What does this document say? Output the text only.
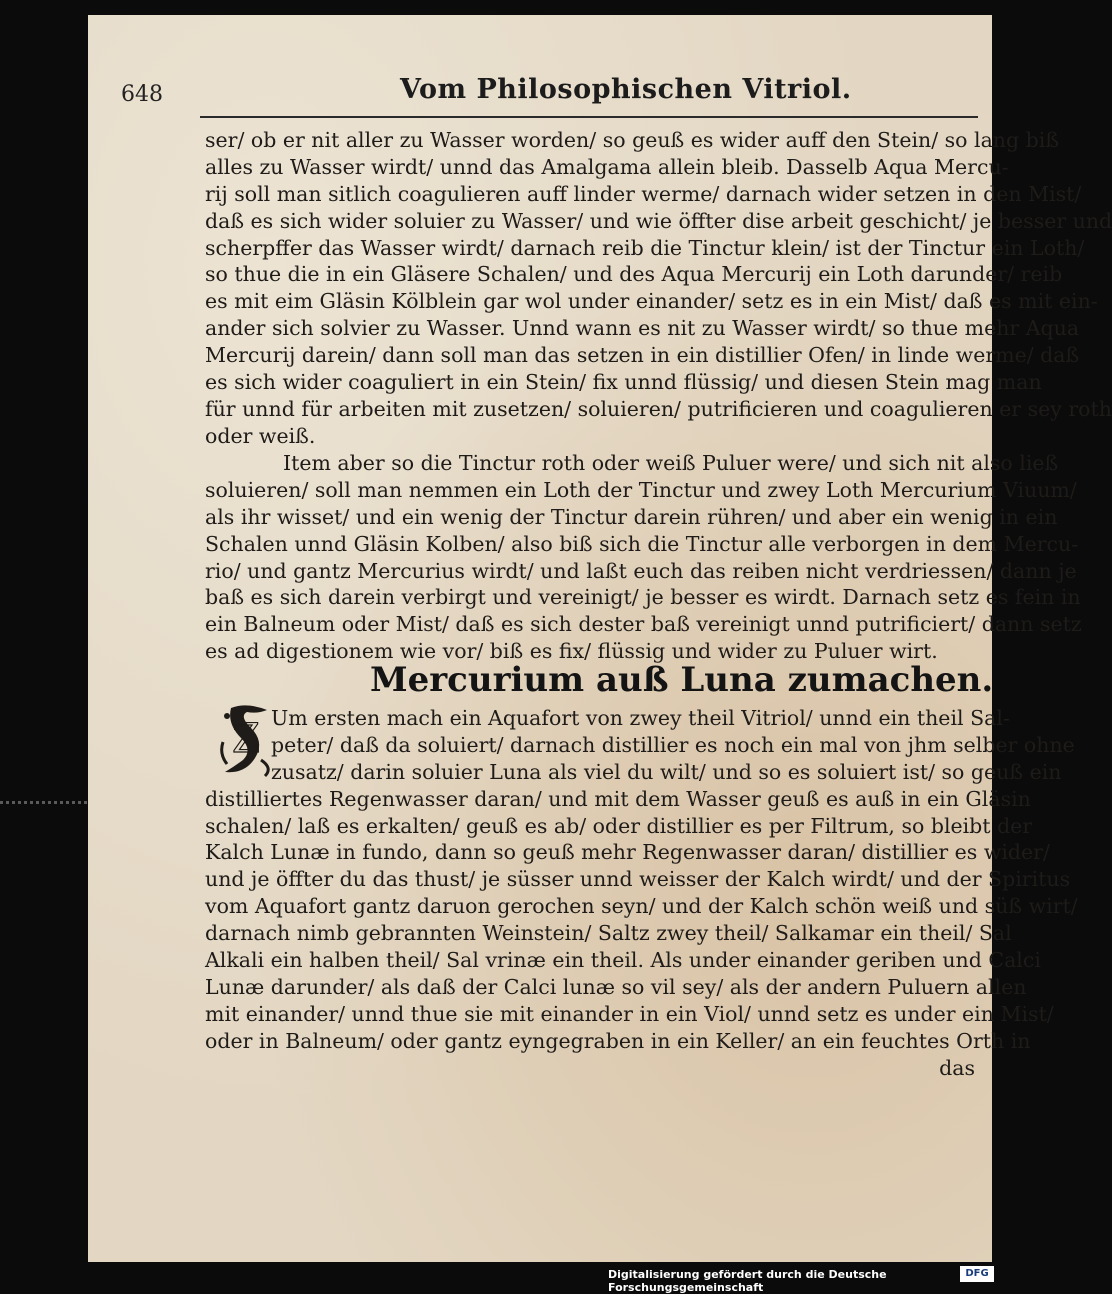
648	Vom Philosophischen Vitriol.
ser/ ob er nit aller zu Wasser worden/ so geuß es wider auff den Stein/ so lang biß
alles zu Wasser wirdt/ unnd das Amalgama allein bleib. Dasselb Aqua Mercu-
rij soll man sitlich coagulieren auff linder werme/ darnach wider setzen in den Mist/
daß es sich wider soluier zu Wasser/ und wie öffter dise arbeit geschicht/ je besser und
scherpffer das Wasser wirdt/ darnach reib die Tinctur klein/ ist der Tinctur ein Loth/
so thue die in ein Gläsere Schalen/ und des Aqua Mercurij ein Loth darunder/ reib
es mit eim Gläsin Kölblein gar wol under einander/ setz es in ein Mist/ daß es mit ein-
ander sich solvier zu Wasser. Unnd wann es nit zu Wasser wirdt/ so thue mehr Aqua
Mercurij darein/ dann soll man das setzen in ein distillier Ofen/ in linde werme/ daß
es sich wider coaguliert in ein Stein/ fix unnd flüssig/ und diesen Stein mag man
für unnd für arbeiten mit zusetzen/ soluieren/ putrificieren und coagulieren er sey roth
oder weiß.
Item aber so die Tinctur roth oder weiß Puluer were/ und sich nit also ließ
soluieren/ soll man nemmen ein Loth der Tinctur und zwey Loth Mercurium Viuum/
als ihr wisset/ und ein wenig der Tinctur darein rühren/ und aber ein wenig in ein
Schalen unnd Gläsin Kolben/ also biß sich die Tinctur alle verborgen in dem Mercu-
rio/ und gantz Mercurius wirdt/ und laßt euch das reiben nicht verdriessen/ dann je
baß es sich darein verbirgt und vereinigt/ je besser es wirdt. Darnach setz es fein in
ein Balneum oder Mist/ daß es sich dester baß vereinigt unnd putrificiert/ dann setz
es ad digestionem wie vor/ biß es fix/ flüssig und wider zu Puluer wirt.
Mercurium auß Luna zumachen.
Z Um ersten mach ein Aquafort von zwey theil Vitriol/ unnd ein theil Sal-
peter/ daß da soluiert/ darnach distillier es noch ein mal von jhm selber ohne
zusatz/ darin soluier Luna als viel du wilt/ und so es soluiert ist/ so geuß ein
distilliertes Regenwasser daran/ und mit dem Wasser geuß es auß in ein Gläsin
schalen/ laß es erkalten/ geuß es ab/ oder distillier es per Filtrum, so bleibt der
Kalch Lunæ in fundo, dann so geuß mehr Regenwasser daran/ distillier es wider/
und je öffter du das thust/ je süsser unnd weisser der Kalch wirdt/ und der Spiritus
vom Aquafort gantz daruon gerochen seyn/ und der Kalch schön weiß und süß wirt/
darnach nimb gebrannten Weinstein/ Saltz zwey theil/ Salkamar ein theil/ Sal
Alkali ein halben theil/ Sal vrinæ ein theil. Als under einander geriben und Calci
Lunæ darunder/ als daß der Calci lunæ so vil sey/ als der andern Puluern allen
mit einander/ unnd thue sie mit einander in ein Viol/ unnd setz es under ein Mist/
oder in Balneum/ oder gantz eyngegraben in ein Keller/ an ein feuchtes Orth in
das
Digitalisierung gefördert durch die Deutsche Forschungsgemeinschaft
DFG
